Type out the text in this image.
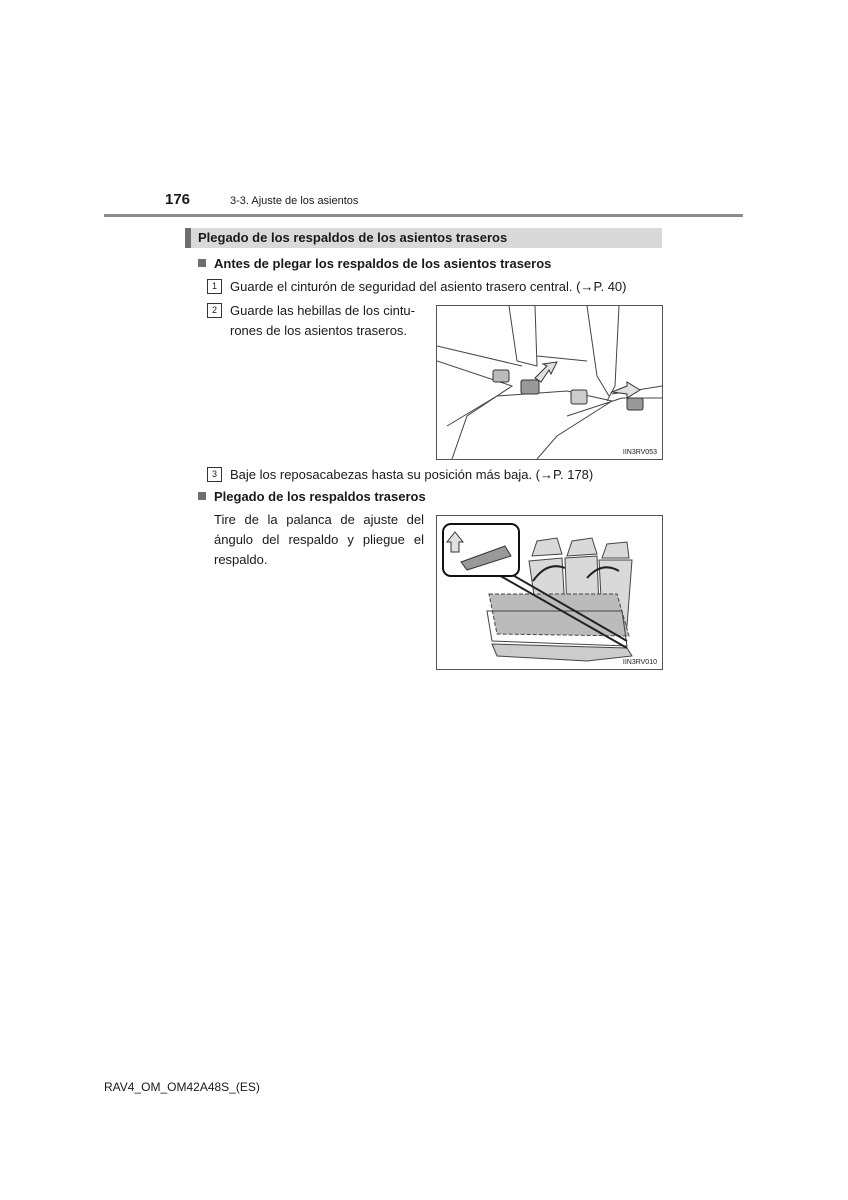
176	3-3. Ajuste de los asientos
Plegado de los respaldos de los asientos traseros
Antes de plegar los respaldos de los asientos traseros
1	Guarde el cinturón de seguridad del asiento trasero central. (→P. 40)
2	Guarde las hebillas de los cintu-
rones de los asientos traseros.
IIN3RV053
3	Baje los reposacabezas hasta su posición más baja. (→P. 178)
Plegado de los respaldos traseros
Tire de la palanca de ajuste del
ángulo del respaldo y pliegue el
respaldo.
IIN3RV010
RAV4_OM_OM42A48S_(ES)
